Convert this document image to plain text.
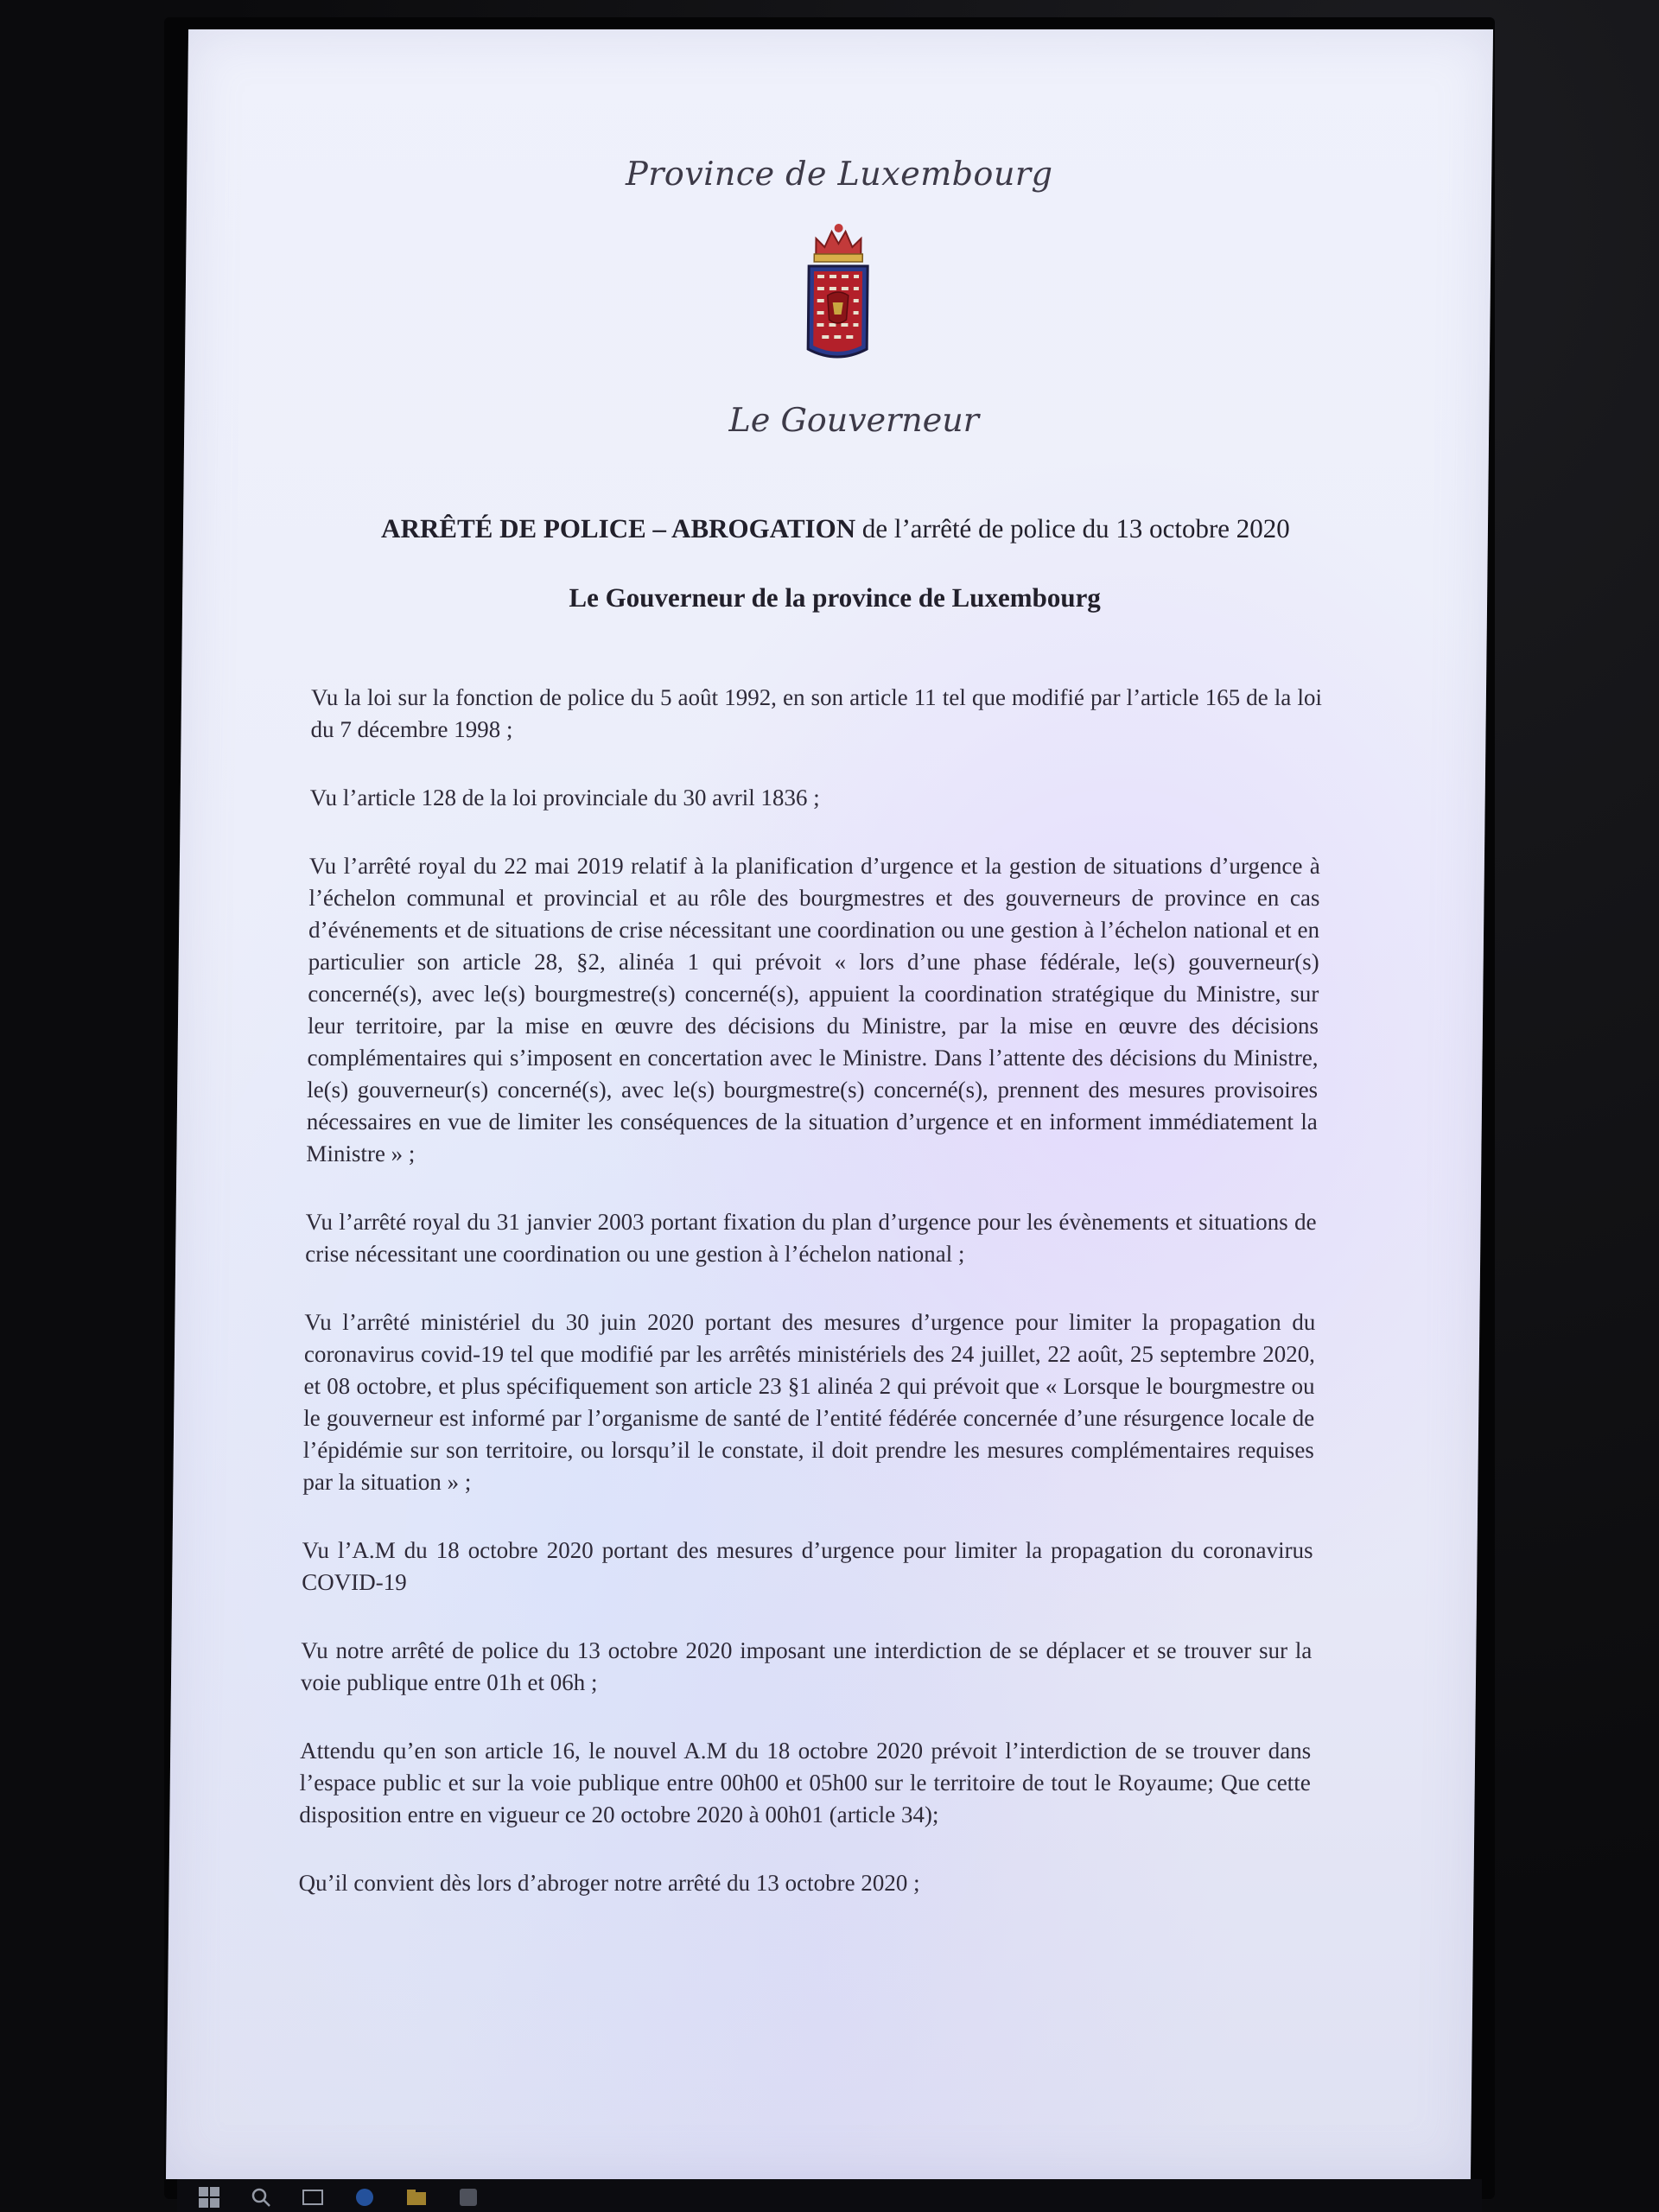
Province de Luxembourg
Le Gouverneur
ARRÊTÉ DE POLICE – ABROGATION de l’arrêté de police du 13 octobre 2020
Le Gouverneur de la province de Luxembourg

Vu la loi sur la fonction de police du 5 août 1992, en son article 11 tel que modifié par l’article 165 de la loi du 7 décembre 1998 ;

Vu l’article 128 de la loi provinciale du 30 avril 1836 ;

Vu l’arrêté royal du 22 mai 2019 relatif à la planification d’urgence et la gestion de situations d’urgence à l’échelon communal et provincial et au rôle des bourgmestres et des gouverneurs de province en cas d’événements et de situations de crise nécessitant une coordination ou une gestion à l’échelon national et en particulier son article 28, §2, alinéa 1 qui prévoit « lors d’une phase fédérale, le(s) gouverneur(s) concerné(s), avec le(s) bourgmestre(s) concerné(s), appuient la coordination stratégique du Ministre, sur leur territoire, par la mise en œuvre des décisions du Ministre, par la mise en œuvre des décisions complémentaires qui s’imposent en concertation avec le Ministre. Dans l’attente des décisions du Ministre, le(s) gouverneur(s) concerné(s), avec le(s) bourgmestre(s) concerné(s), prennent des mesures provisoires nécessaires en vue de limiter les conséquences de la situation d’urgence et en informent immédiatement la Ministre » ;

Vu l’arrêté royal du 31 janvier 2003 portant fixation du plan d’urgence pour les évènements et situations de crise nécessitant une coordination ou une gestion à l’échelon national ;

Vu l’arrêté ministériel du 30 juin 2020 portant des mesures d’urgence pour limiter la propagation du coronavirus covid-19 tel que modifié par les arrêtés ministériels des 24 juillet, 22 août, 25 septembre 2020, et 08 octobre, et plus spécifiquement son article 23 §1 alinéa 2 qui prévoit que « Lorsque le bourgmestre ou le gouverneur est informé par l’organisme de santé de l’entité fédérée concernée d’une résurgence locale de l’épidémie sur son territoire, ou lorsqu’il le constate, il doit prendre les mesures complémentaires requises par la situation » ;

Vu l’A.M du 18 octobre 2020 portant des mesures d’urgence pour limiter la propagation du coronavirus COVID-19

Vu notre arrêté de police du 13 octobre 2020 imposant une interdiction de se déplacer et se trouver sur la voie publique entre 01h et 06h ;

Attendu qu’en son article 16, le nouvel A.M du 18 octobre 2020 prévoit l’interdiction de se trouver dans l’espace public et sur la voie publique entre 00h00 et 05h00 sur le territoire de tout le Royaume; Que cette disposition entre en vigueur ce 20 octobre 2020 à 00h01 (article 34);

Qu’il convient dès lors d’abroger notre arrêté du 13 octobre 2020 ;
